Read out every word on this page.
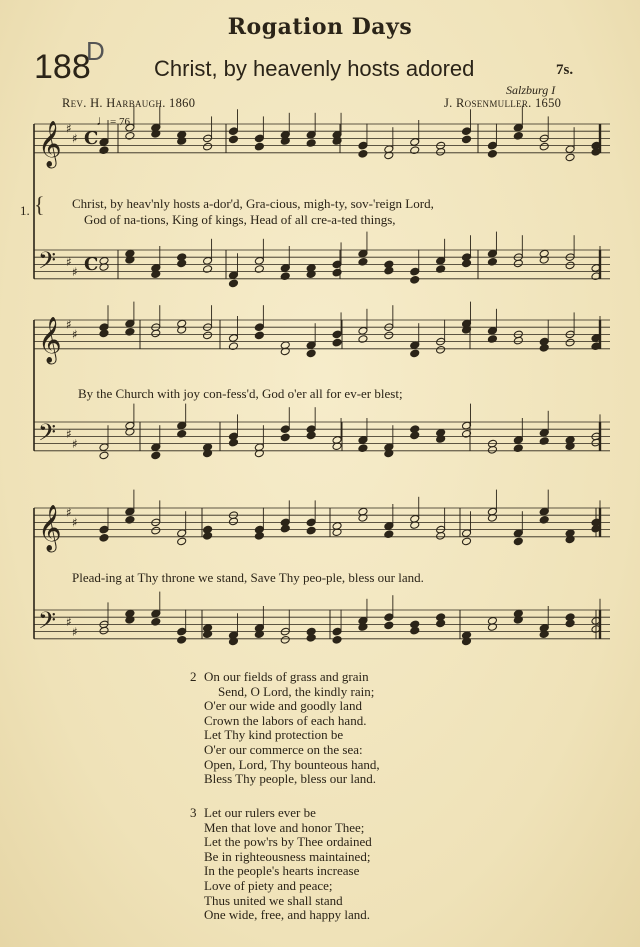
Rogation Days
188
D
Christ, by heavenly hosts adored	7s.
Salzburg I
Rev. H. Harbaugh. 1860	J. Rosenmuller. 1650
𝄞 ♯
♯ C
𝄢 ♯
♯ C
𝄞 ♯
♯
𝄢 ♯
♯
𝄞 ♯
♯
𝄢 ♯
♯
♩= 76
1. { Christ, by heav'nly hosts a-dor'd, Gra-cious, migh-ty, sov-'reign Lord,
God of na-tions, King of kings, Head of all cre-a-ted things,
By the Church with joy con-fess'd, God o'er all for ev-er blest;
Plead-ing at Thy throne we stand, Save Thy peo-ple, bless our land.
2 On our fields of grass and grain
Send, O Lord, the kindly rain;
O'er our wide and goodly land
Crown the labors of each hand.
Let Thy kind protection be
O'er our commerce on the sea:
Open, Lord, Thy bounteous hand,
Bless Thy people, bless our land.
3 Let our rulers ever be
Men that love and honor Thee;
Let the pow'rs by Thee ordained
Be in righteousness maintained;
In the people's hearts increase
Love of piety and peace;
Thus united we shall stand
One wide, free, and happy land.
